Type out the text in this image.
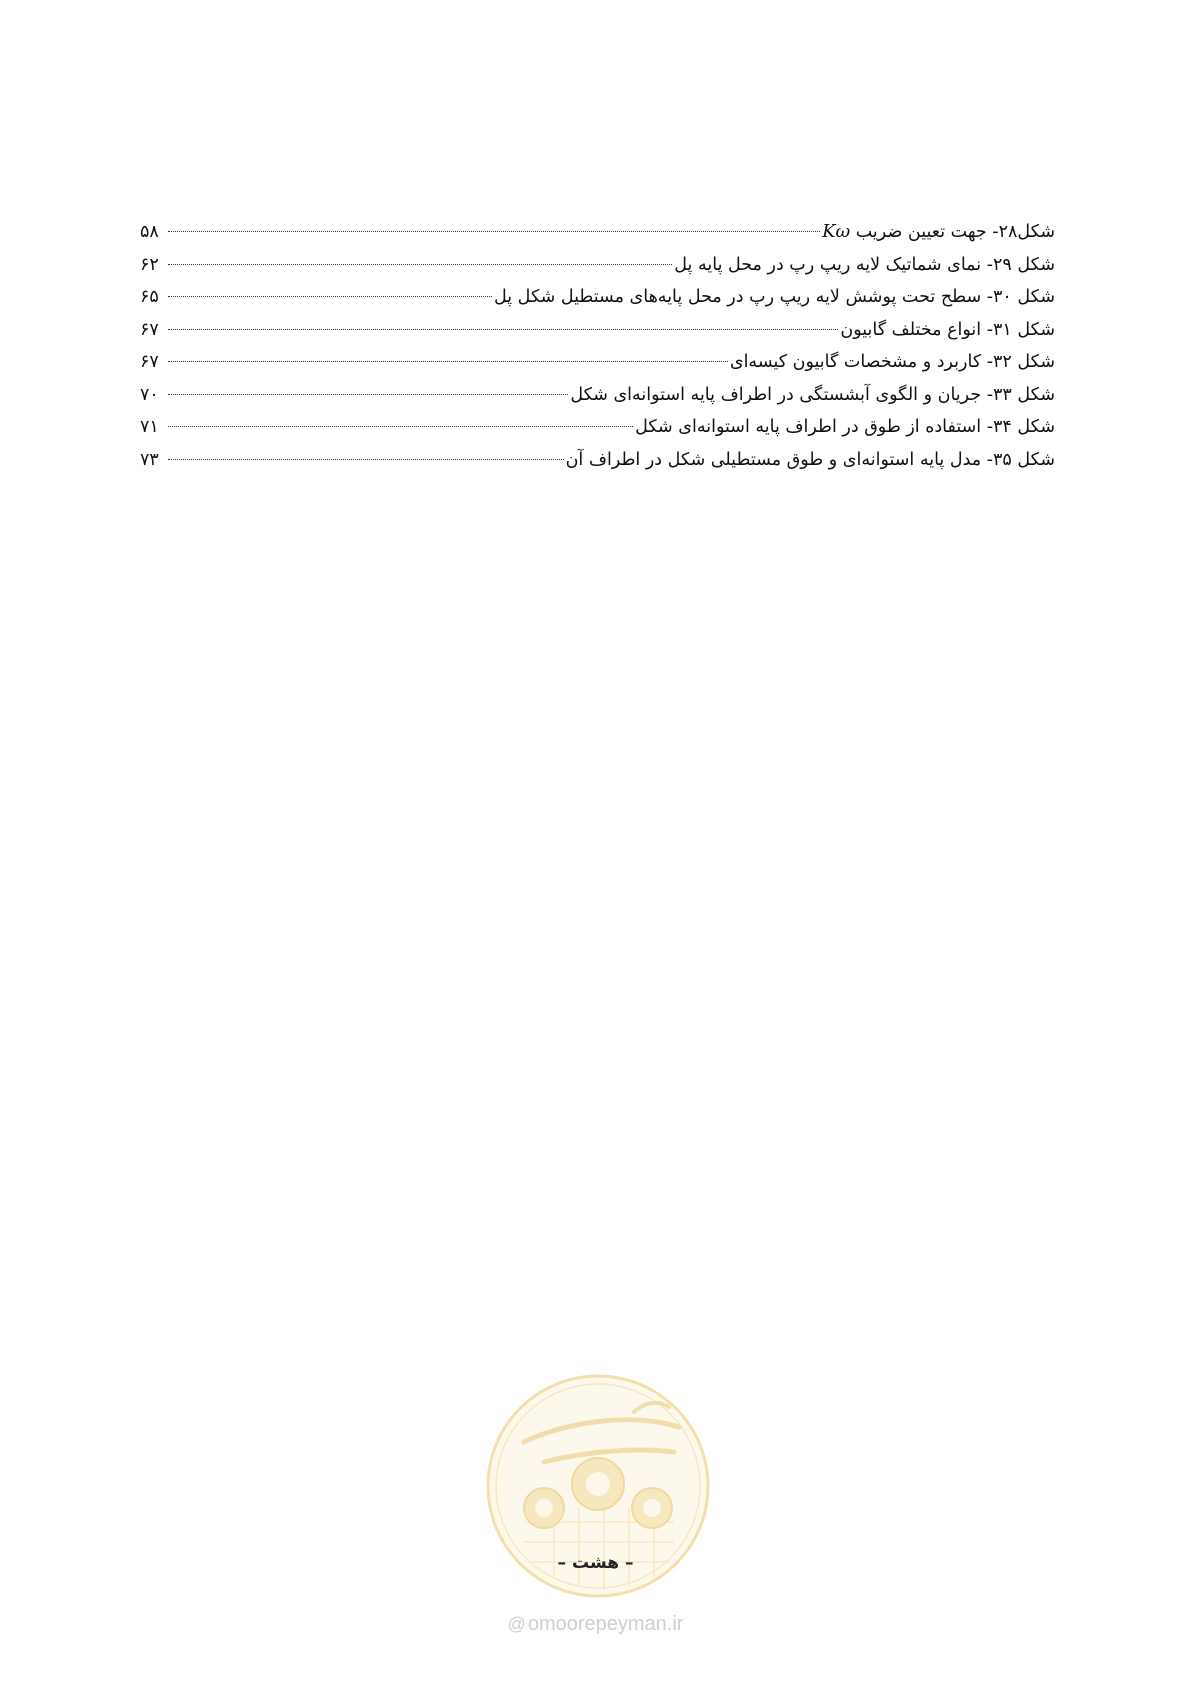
شکل۲۸- جهت تعیین ضریب Kω
۵۸
شکل ۲۹- نمای شماتیک لایه ریپ رپ در محل پایه پل
۶۲
شکل ۳۰- سطح تحت پوشش لایه ریپ رپ در محل پایه‌های مستطیل شکل پل
۶۵
شکل ۳۱- انواع مختلف گابیون
۶۷
شکل ۳۲- کاربرد و مشخصات گابیون کیسه‌ای
۶۷
شکل ۳۳- جریان و الگوی آبشستگی در اطراف پایه استوانه‌ای شکل
۷۰
شکل ۳۴- استفاده از طوق در اطراف پایه استوانه‌ای شکل
۷۱
شکل ۳۵- مدل پایه استوانه‌ای و طوق مستطیلی شکل در اطراف آن
۷۳
– هشت –
@ omoorepeyman.ir
